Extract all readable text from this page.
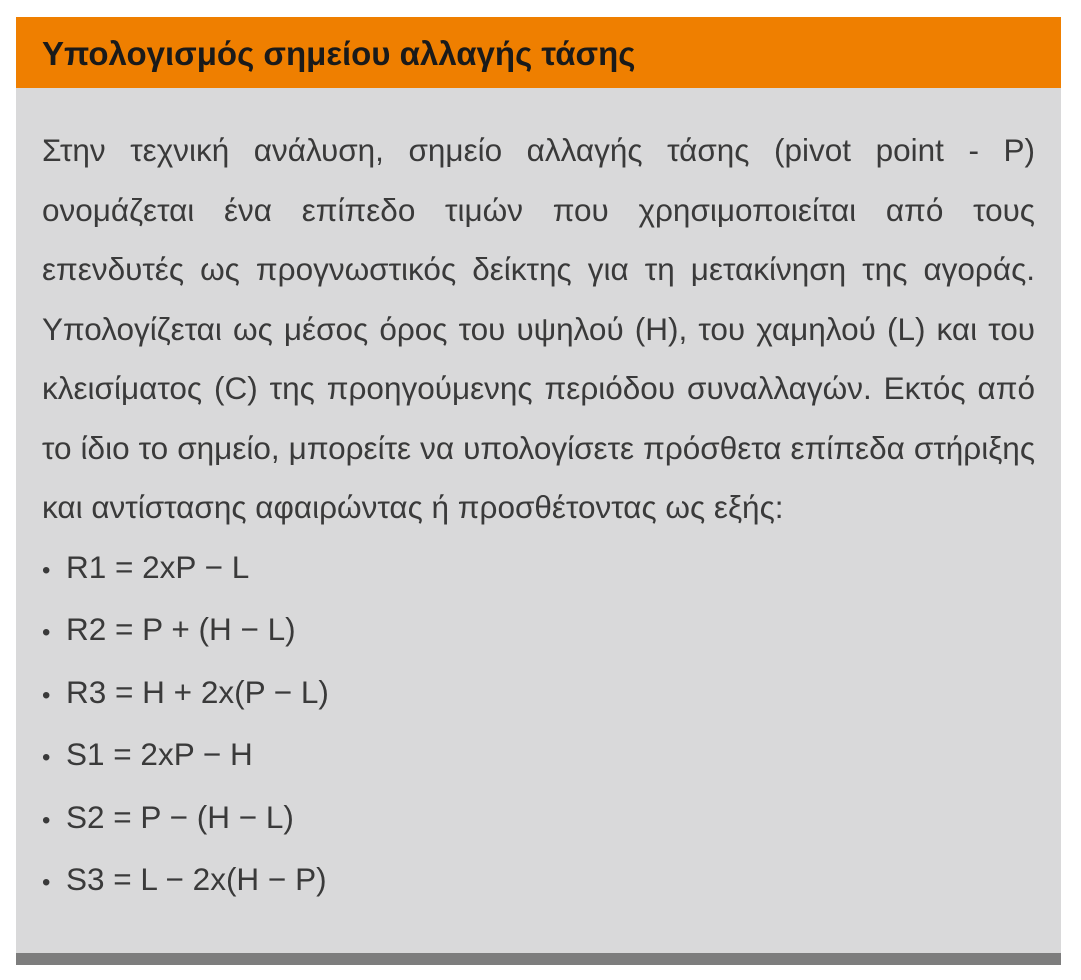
Υπολογισμός σημείου αλλαγής τάσης

Στην τεχνική ανάλυση, σημείο αλλαγής τάσης (pivot point - P) ονομάζεται ένα επίπεδο τιμών που χρησιμοποιείται από τους επενδυτές ως προγνωστικός δείκτης για τη μετακίνηση της αγοράς. Υπολογίζεται ως μέσος όρος του υψηλού (H), του χαμηλού (L) και του κλεισίματος (C) της προηγούμενης περιόδου συναλλαγών. Εκτός από το ίδιο το σημείο, μπορείτε να υπολογίσετε πρόσθετα επίπεδα στήριξης και αντίστασης αφαιρώντας ή προσθέτοντας ως εξής:

• R1 = 2xP − L
• R2 = P + (H − L)
• R3 = H + 2x(P − L)
• S1 = 2xP − H
• S2 = P − (H − L)
• S3 = L − 2x(H − P)
